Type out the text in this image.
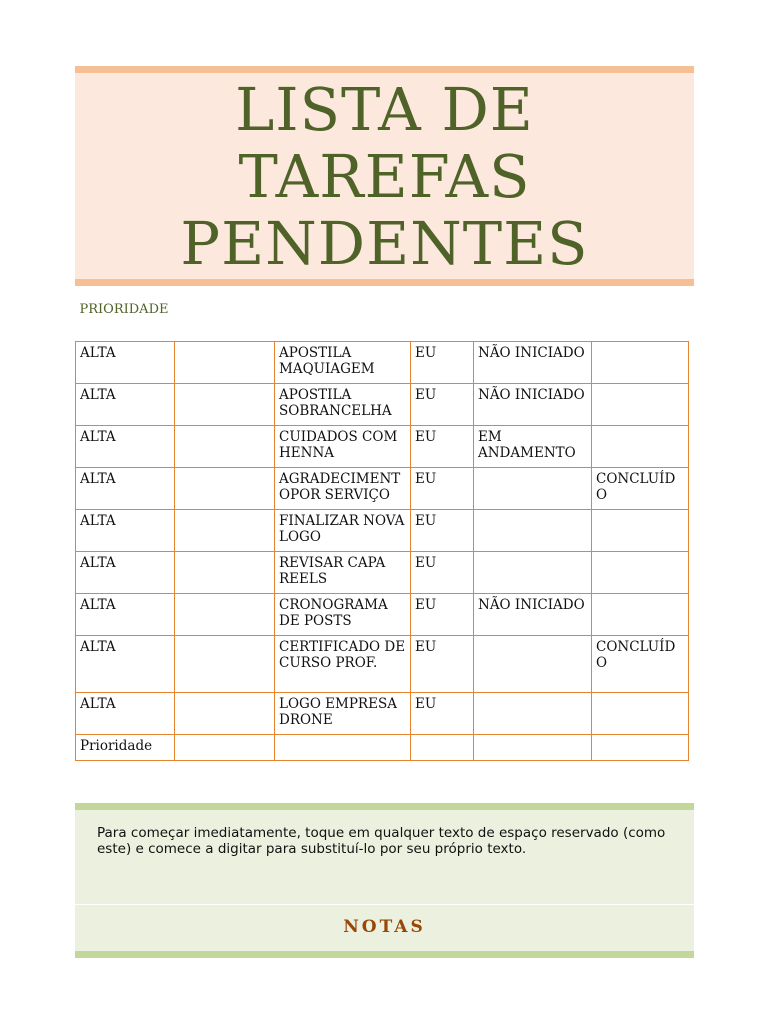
LISTA DE
TAREFAS
PENDENTES
PRIORIDADE
ALTA		APOSTILA MAQUIAGEM	EU	NÃO INICIADO	
ALTA		APOSTILA SOBRANCELHA	EU	NÃO INICIADO	
ALTA		CUIDADOS COM HENNA	EU	EM ANDAMENTO	
ALTA		AGRADECIMENTOPOR SERVIÇO	EU		CONCLUÍDO
ALTA		FINALIZAR NOVA LOGO	EU		
ALTA		REVISAR CAPA REELS	EU		
ALTA		CRONOGRAMA DE POSTS	EU	NÃO INICIADO	
ALTA		CERTIFICADO DE CURSO PROF.	EU		CONCLUÍDO
ALTA		LOGO EMPRESA DRONE	EU		
Prioridade					
Para começar imediatamente, toque em qualquer texto de espaço reservado (como este) e comece a digitar para substituí-lo por seu próprio texto.
NOTAS
